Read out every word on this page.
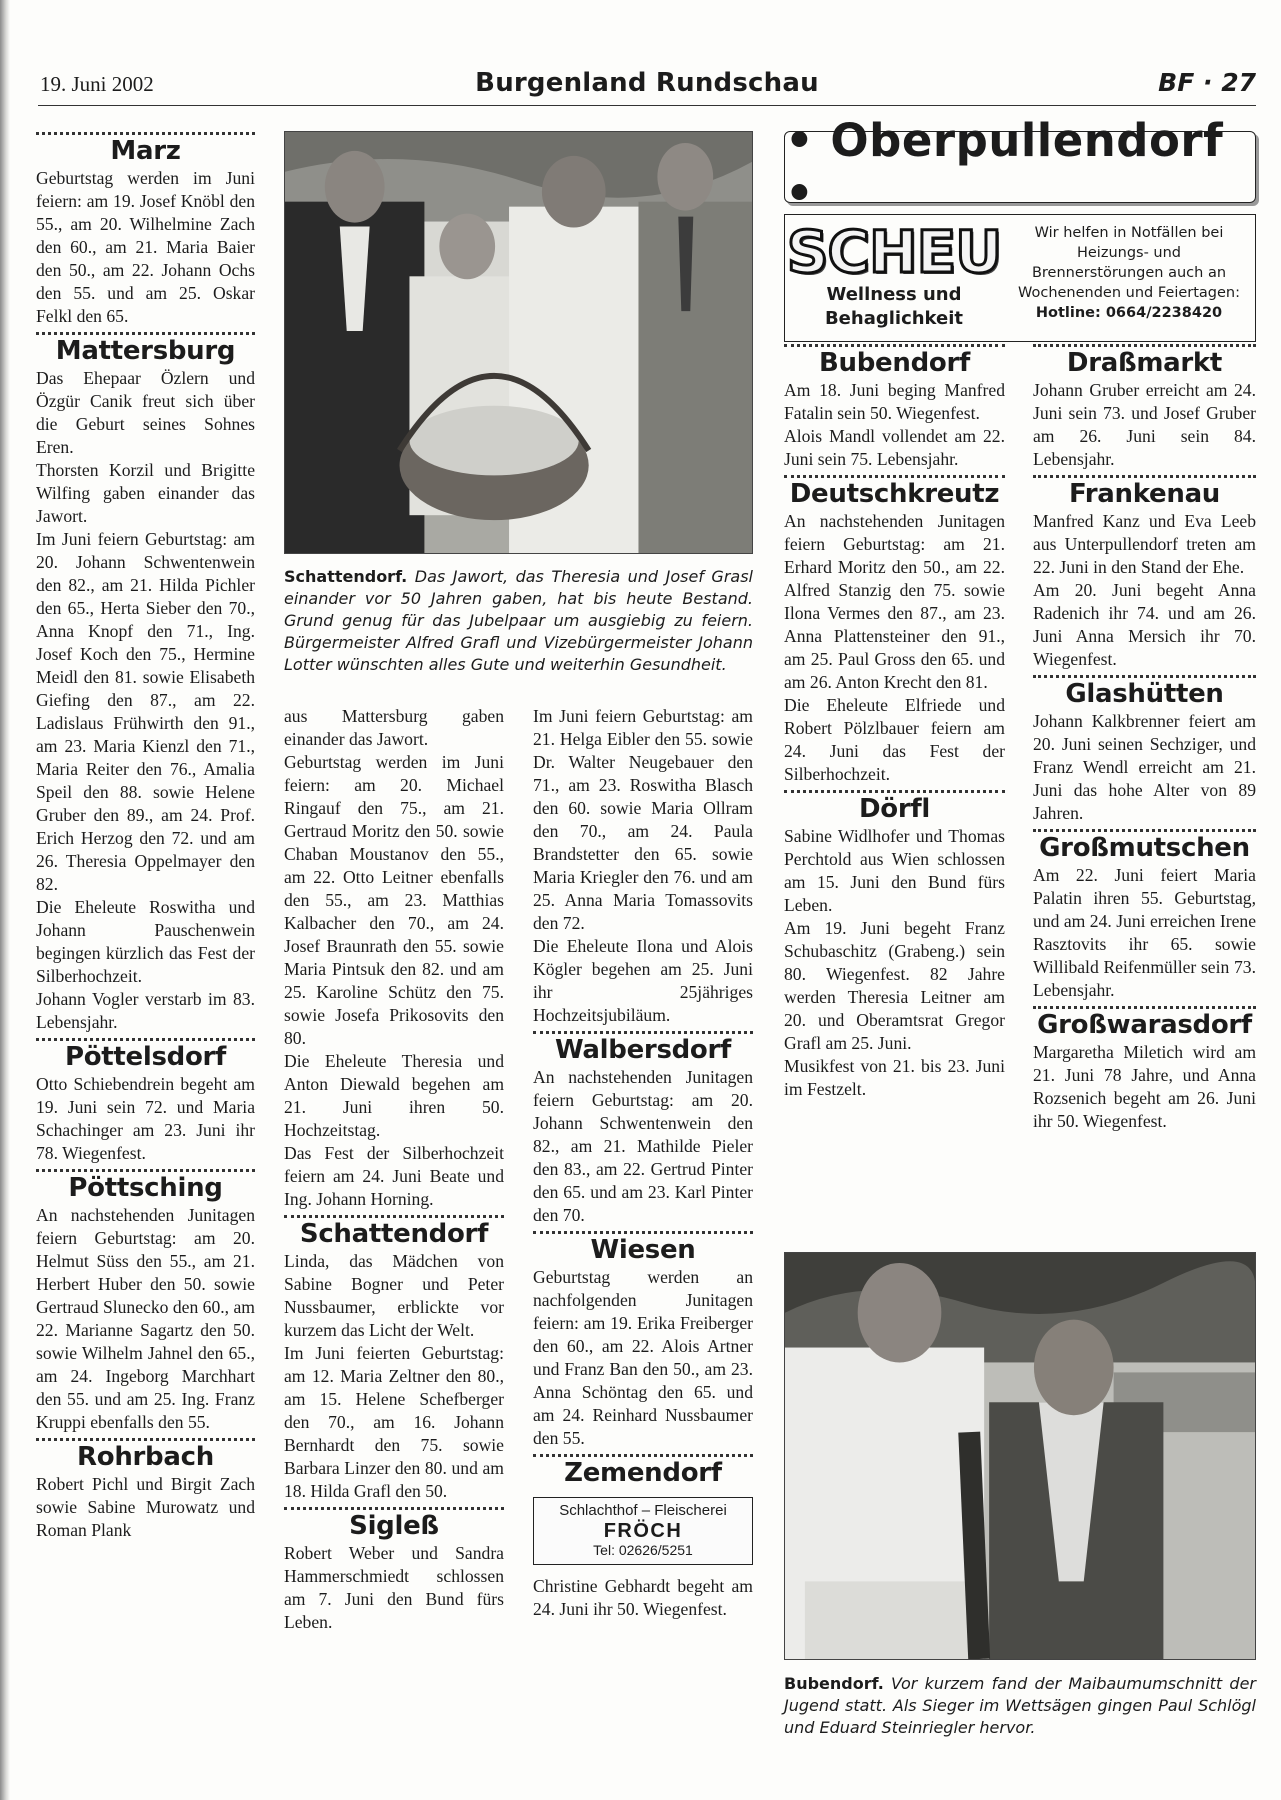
19. Juni 2002	Burgenland Rundschau	BF · 27
Marz

Geburtstag werden im Juni feiern: am 19. Josef Knöbl den 55., am 20. Wilhelmine Zach den 60., am 21. Maria Baier den 50., am 22. Johann Ochs den 55. und am 25. Oskar Felkl den 65.

Mattersburg

Das Ehepaar Özlern und Özgür Canik freut sich über die Geburt seines Sohnes Eren.
Thorsten Korzil und Brigitte Wilfing gaben einander das Jawort.
Im Juni feiern Geburtstag: am 20. Johann Schwentenwein den 82., am 21. Hilda Pichler den 65., Herta Sieber den 70., Anna Knopf den 71., Ing. Josef Koch den 75., Hermine Meidl den 81. sowie Elisabeth Giefing den 87., am 22. Ladislaus Frühwirth den 91., am 23. Maria Kienzl den 71., Maria Reiter den 76., Amalia Speil den 88. sowie Helene Gruber den 89., am 24. Prof. Erich Herzog den 72. und am 26. Theresia Oppelmayer den 82.
Die Eheleute Roswitha und Johann Pauschenwein begingen kürzlich das Fest der Silberhochzeit.
Johann Vogler verstarb im 83. Lebensjahr.

Pöttelsdorf

Otto Schiebendrein begeht am 19. Juni sein 72. und Maria Schachinger am 23. Juni ihr 78. Wiegenfest.

Pöttsching

An nachstehenden Junitagen feiern Geburtstag: am 20. Helmut Süss den 55., am 21. Herbert Huber den 50. sowie Gertraud Slunecko den 60., am 22. Marianne Sagartz den 50. sowie Wilhelm Jahnel den 65., am 24. Ingeborg Marchhart den 55. und am 25. Ing. Franz Kruppi ebenfalls den 55.

Rohrbach

Robert Pichl und Birgit Zach sowie Sabine Murowatz und Roman Plank

Schattendorf. Das Jawort, das Theresia und Josef Grasl einander vor 50 Jahren gaben, hat bis heute Bestand. Grund genug für das Jubelpaar um ausgiebig zu feiern. Bürgermeister Alfred Grafl und Vizebürgermeister Johann Lotter wünschten alles Gute und weiterhin Gesundheit.

aus Mattersburg gaben einander das Jawort.
Geburtstag werden im Juni feiern: am 20. Michael Ringauf den 75., am 21. Gertraud Moritz den 50. sowie Chaban Moustanov den 55., am 22. Otto Leitner ebenfalls den 55., am 23. Matthias Kalbacher den 70., am 24. Josef Braunrath den 55. sowie Maria Pintsuk den 82. und am 25. Karoline Schütz den 75. sowie Josefa Prikosovits den 80.
Die Eheleute Theresia und Anton Diewald begehen am 21. Juni ihren 50. Hochzeitstag.
Das Fest der Silberhochzeit feiern am 24. Juni Beate und Ing. Johann Horning.

Schattendorf

Linda, das Mädchen von Sabine Bogner und Peter Nussbaumer, erblickte vor kurzem das Licht der Welt.
Im Juni feierten Geburtstag: am 12. Maria Zeltner den 80., am 15. Helene Schefberger den 70., am 16. Johann Bernhardt den 75. sowie Barbara Linzer den 80. und am 18. Hilda Grafl den 50.

Sigleß

Robert Weber und Sandra Hammerschmiedt schlossen am 7. Juni den Bund fürs Leben.

Im Juni feiern Geburtstag: am 21. Helga Eibler den 55. sowie Dr. Walter Neugebauer den 71., am 23. Roswitha Blasch den 60. sowie Maria Ollram den 70., am 24. Paula Brandstetter den 65. sowie Maria Kriegler den 76. und am 25. Anna Maria Tomassovits den 72.
Die Eheleute Ilona und Alois Kögler begehen am 25. Juni ihr 25jähriges Hochzeitsjubiläum.

Walbersdorf

An nachstehenden Junitagen feiern Geburtstag: am 20. Johann Schwentenwein den 82., am 21. Mathilde Pieler den 83., am 22. Gertrud Pinter den 65. und am 23. Karl Pinter den 70.

Wiesen

Geburtstag werden an nachfolgenden Junitagen feiern: am 19. Erika Freiberger den 60., am 22. Alois Artner und Franz Ban den 50., am 23. Anna Schöntag den 65. und am 24. Reinhard Nussbaumer den 55.

Zemendorf
Schlachthof – Fleischerei
FRÖCH
Tel: 02626/5251

Christine Gebhardt begeht am 24. Juni ihr 50. Wiegenfest.

• Oberpullendorf •
SCHEU
Wellness und
Behaglichkeit
Wir helfen in Notfällen bei Heizungs- und Brennerstörungen auch an Wochenenden und Feiertagen:
Hotline: 0664/2238420
Bubendorf

Am 18. Juni beging Manfred Fatalin sein 50. Wiegenfest.
Alois Mandl vollendet am 22. Juni sein 75. Lebensjahr.

Deutschkreutz

An nachstehenden Junitagen feiern Geburtstag: am 21. Erhard Moritz den 50., am 22. Alfred Stanzig den 75. sowie Ilona Vermes den 87., am 23. Anna Plattensteiner den 91., am 25. Paul Gross den 65. und am 26. Anton Krecht den 81.
Die Eheleute Elfriede und Robert Pölzlbauer feiern am 24. Juni das Fest der Silberhochzeit.

Dörfl

Sabine Widlhofer und Thomas Perchtold aus Wien schlossen am 15. Juni den Bund fürs Leben.
Am 19. Juni begeht Franz Schubaschitz (Grabeng.) sein 80. Wiegenfest. 82 Jahre werden Theresia Leitner am 20. und Oberamtsrat Gregor Grafl am 25. Juni.
Musikfest von 21. bis 23. Juni im Festzelt.

Draßmarkt

Johann Gruber erreicht am 24. Juni sein 73. und Josef Gruber am 26. Juni sein 84. Lebensjahr.

Frankenau

Manfred Kanz und Eva Leeb aus Unterpullendorf treten am 22. Juni in den Stand der Ehe.
Am 20. Juni begeht Anna Radenich ihr 74. und am 26. Juni Anna Mersich ihr 70. Wiegenfest.

Glashütten

Johann Kalkbrenner feiert am 20. Juni seinen Sechziger, und Franz Wendl erreicht am 21. Juni das hohe Alter von 89 Jahren.

Großmutschen

Am 22. Juni feiert Maria Palatin ihren 55. Geburtstag, und am 24. Juni erreichen Irene Rasztovits ihr 65. sowie Willibald Reifenmüller sein 73. Lebensjahr.

Großwarasdorf

Margaretha Miletich wird am 21. Juni 78 Jahre, und Anna Rozsenich begeht am 26. Juni ihr 50. Wiegenfest.

Bubendorf. Vor kurzem fand der Maibaumumschnitt der Jugend statt. Als Sieger im Wettsägen gingen Paul Schlögl und Eduard Steinriegler hervor.
